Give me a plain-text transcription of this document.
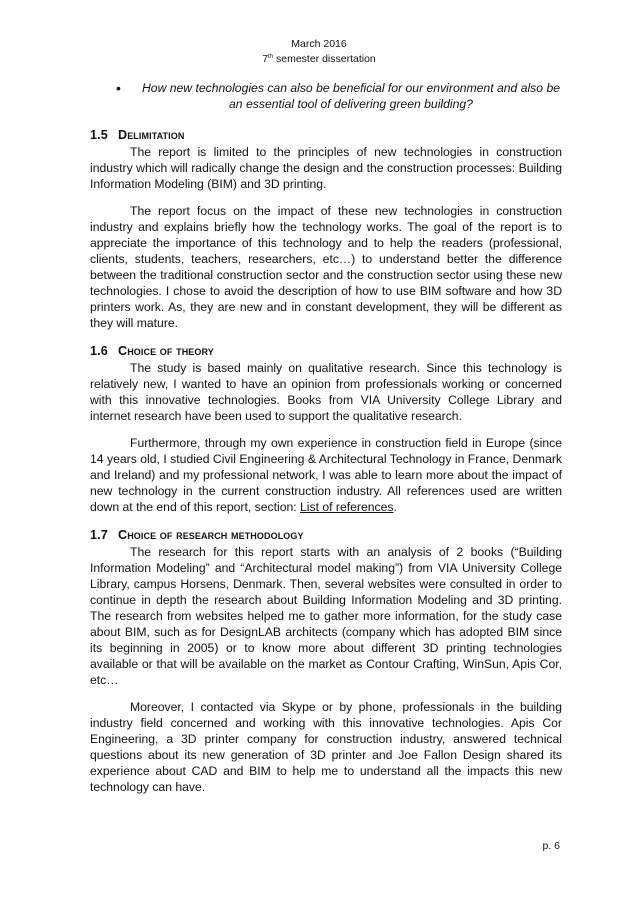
March 2016
7th semester dissertation
•	How new technologies can also be beneficial for our environment and also be an essential tool of delivering green building?
1.5 Delimitation

The report is limited to the principles of new technologies in construction industry which will radically change the design and the construction processes: Building Information Modeling (BIM) and 3D printing.

The report focus on the impact of these new technologies in construction industry and explains briefly how the technology works. The goal of the report is to appreciate the importance of this technology and to help the readers (professional, clients, students, teachers, researchers, etc…) to understand better the difference between the traditional construction sector and the construction sector using these new technologies. I chose to avoid the description of how to use BIM software and how 3D printers work. As, they are new and in constant development, they will be different as they will mature.

1.6 Choice of theory

The study is based mainly on qualitative research. Since this technology is relatively new, I wanted to have an opinion from professionals working or concerned with this innovative technologies. Books from VIA University College Library and internet research have been used to support the qualitative research.

Furthermore, through my own experience in construction field in Europe (since 14 years old, I studied Civil Engineering & Architectural Technology in France, Denmark and Ireland) and my professional network, I was able to learn more about the impact of new technology in the current construction industry. All references used are written down at the end of this report, section: List of references.

1.7 Choice of research methodology

The research for this report starts with an analysis of 2 books (“Building Information Modeling” and “Architectural model making”) from VIA University College Library, campus Horsens, Denmark. Then, several websites were consulted in order to continue in depth the research about Building Information Modeling and 3D printing. The research from websites helped me to gather more information, for the study case about BIM, such as for DesignLAB architects (company which has adopted BIM since its beginning in 2005) or to know more about different 3D printing technologies available or that will be available on the market as Contour Crafting, WinSun, Apis Cor, etc…

Moreover, I contacted via Skype or by phone, professionals in the building industry field concerned and working with this innovative technologies. Apis Cor Engineering, a 3D printer company for construction industry, answered technical questions about its new generation of 3D printer and Joe Fallon Design shared its experience about CAD and BIM to help me to understand all the impacts this new technology can have.

p. 6
